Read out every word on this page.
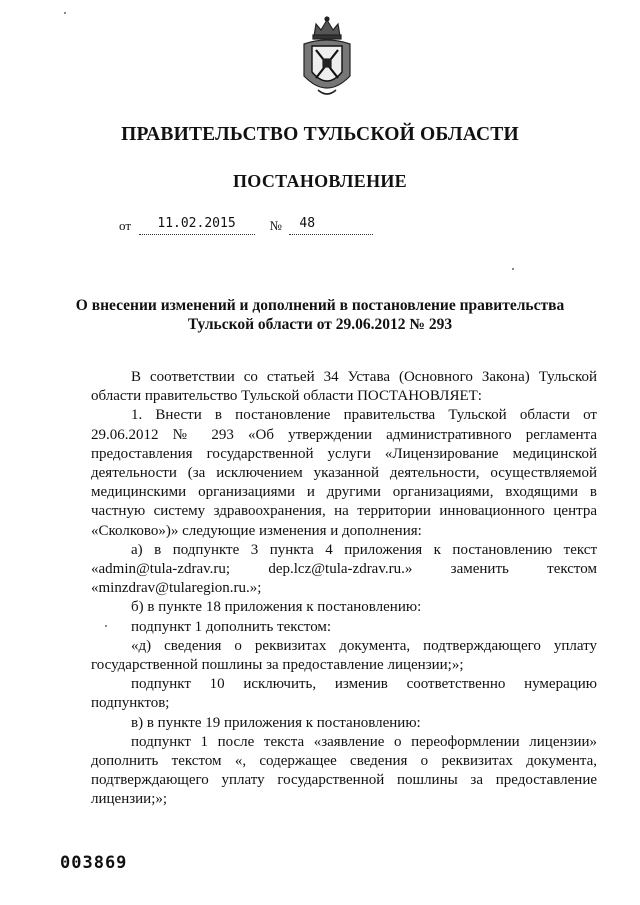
ПРАВИТЕЛЬСТВО ТУЛЬСКОЙ ОБЛАСТИ
ПОСТАНОВЛЕНИЕ
от 11.02.2015	№ 48
О внесении изменений и дополнений в постановление правительства
Тульской области от 29.06.2012 № 293

В соответствии со статьей 34 Устава (Основного Закона) Тульской области правительство Тульской области ПОСТАНОВЛЯЕТ:

1. Внести в постановление правительства Тульской области от 29.06.2012 № 293 «Об утверждении административного регламента предоставления государственной услуги «Лицензирование медицинской деятельности (за исключением указанной деятельности, осуществляемой медицинскими организациями и другими организациями, входящими в частную систему здравоохранения, на территории инновационного центра «Сколково»)» следующие изменения и дополнения:

а) в подпункте 3 пункта 4 приложения к постановлению текст «admin@tula-zdrav.ru; dep.lcz@tula-zdrav.ru.» заменить текстом «minzdrav@tularegion.ru.»;

б) в пункте 18 приложения к постановлению:

подпункт 1 дополнить текстом:

«д) сведения о реквизитах документа, подтверждающего уплату государственной пошлины за предоставление лицензии;»;

подпункт 10 исключить, изменив соответственно нумерацию подпунктов;

в) в пункте 19 приложения к постановлению:

подпункт 1 после текста «заявление о переоформлении лицензии» дополнить текстом «, содержащее сведения о реквизитах документа, подтверждающего уплату государственной пошлины за предоставление лицензии;»;

003869
